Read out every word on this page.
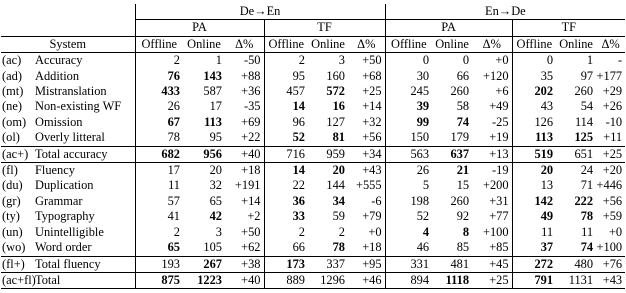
		De→En						En→De					
		PA			TF			PA			TF		
System		Offline	Online	Δ%	Offline	Online	Δ%	Offline	Online	Δ%	Offline	Online	Δ%
(ac)	Accuracy	2	1	-50	2	3	+50	0	0	+0	0	1	-
(ad)	Addition	76	143	+88	95	160	+68	30	66	+120	35	97	+177
(mt)	Mistranslation	433	587	+36	457	572	+25	245	260	+6	202	260	+29
(ne)	Non-existing WF	26	17	-35	14	16	+14	39	58	+49	43	54	+26
(om)	Omission	67	113	+69	96	127	+32	99	74	-25	126	114	-10
(ol)	Overly litteral	78	95	+22	52	81	+56	150	179	+19	113	125	+11
(ac+)	Total accuracy	682	956	+40	716	959	+34	563	637	+13	519	651	+25
(fl)	Fluency	17	20	+18	14	20	+43	26	21	-19	20	24	+20
(du)	Duplication	11	32	+191	22	144	+555	5	15	+200	13	71	+446
(gr)	Grammar	57	65	+14	36	34	-6	198	260	+31	142	222	+56
(ty)	Typography	41	42	+2	33	59	+79	52	92	+77	49	78	+59
(un)	Unintelligible	2	3	+50	2	2	+0	4	8	+100	11	11	+0
(wo)	Word order	65	105	+62	66	78	+18	46	85	+85	37	74	+100
(fl+)	Total fluency	193	267	+38	173	337	+95	331	481	+45	272	480	+76
(ac+fl)	Total	875	1223	+40	889	1296	+46	894	1118	+25	791	1131	+43
